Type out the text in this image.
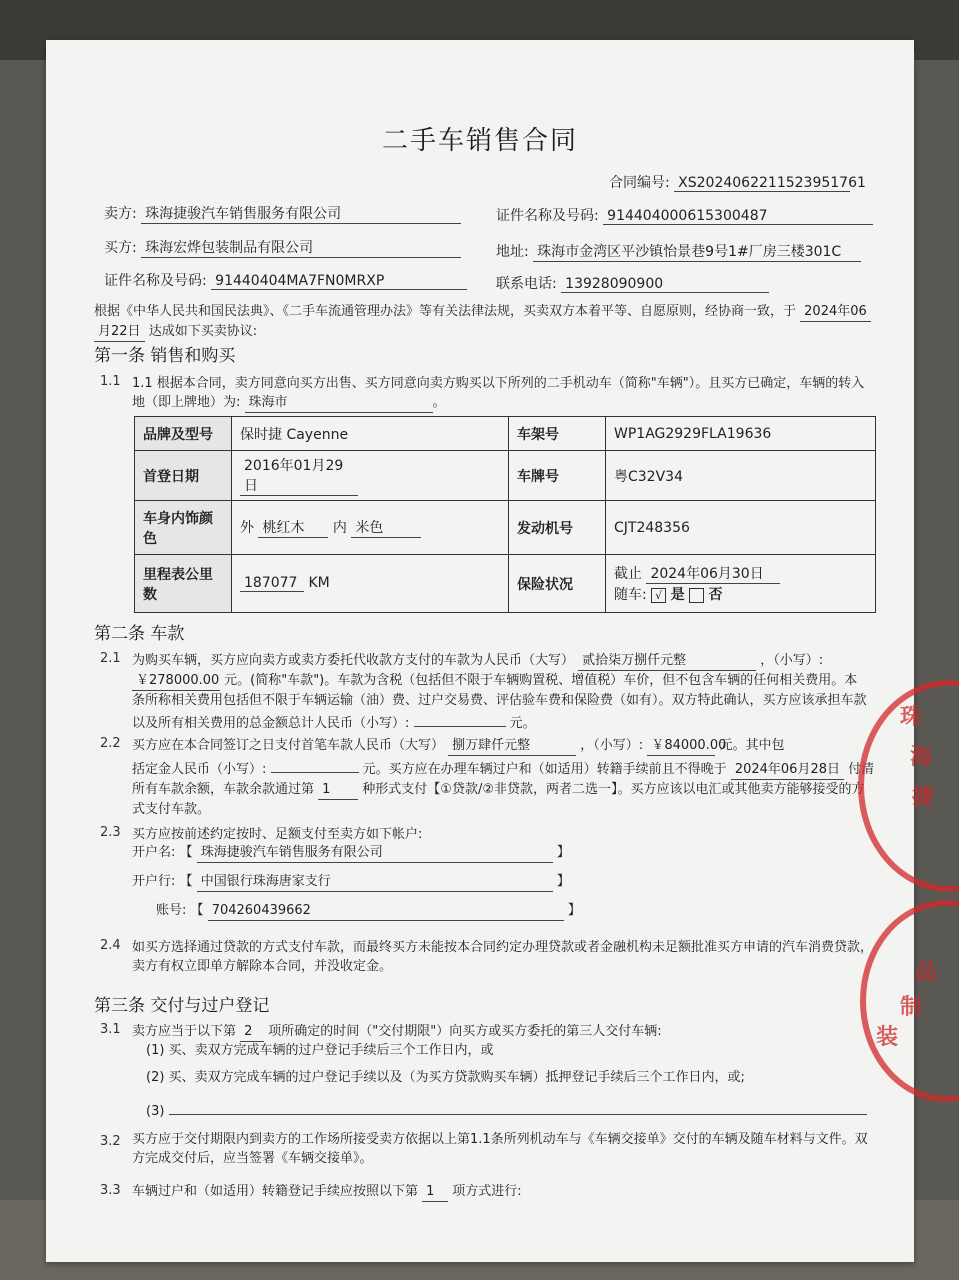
二手车销售合同
合同编号: XS2024062211523951761
卖方: 珠海捷骏汽车销售服务有限公司	证件名称及号码: 914404000615300487
买方: 珠海宏烨包装制品有限公司	地址: 珠海市金湾区平沙镇怡景巷9号1#厂房三楼301C
证件名称及号码: 91440404MA7FN0MRXP	联系电话: 13928090900
根据《中华人民共和国民法典》、《二手车流通管理办法》等有关法律法规，买卖双方本着平等、自愿原则，经协商一致，于 2024年06
月22日 达成如下买卖协议:
第一条 销售和购买
1.1 1.1 根据本合同，卖方同意向买方出售、买方同意向卖方购买以下所列的二手机动车（简称"车辆"）。且买方已确定，车辆的转入
地（即上牌地）为: 珠海市	。
品牌及型号	保时捷 Cayenne	车架号	WP1AG2929FLA19636
首登日期	2016年01月29日	车牌号	粤C32V34
车身内饰颜色	外 桃红木 内 米色	发动机号	CJT248356
里程表公里数	187077 KM	保险状况	截止 2024年06月30日
随车: √ 是 否
第二条 车款
2.1 为购买车辆，买方应向卖方或卖方委托代收款方支付的车款为人民币（大写） 贰拾柒万捌仟元整	，（小写）:
￥278000.00 元。(简称"车款")。车款为含税（包括但不限于车辆购置税、增值税）车价，但不包含车辆的任何相关费用。本
条所称相关费用包括但不限于车辆运输（油）费、过户交易费、评估验车费和保险费（如有）。双方特此确认，买方应该承担车款
以及所有相关费用的总金额总计人民币（小写）:	元。
2.2 买方应在本合同签订之日支付首笔车款人民币（大写） 捌万肆仟元整	，（小写）: ￥84000.00 元。其中包
括定金人民币（小写）:	元。买方应在办理车辆过户和（如适用）转籍手续前且不得晚于 2024年06月28日 付清
所有车款余额，车款余款通过第 1 种形式支付【①贷款/②非贷款，两者二选一】。买方应该以电汇或其他卖方能够接受的方
式支付车款。
2.3 买方应按前述约定按时、足额支付至卖方如下帐户:
开户名: 【 珠海捷骏汽车销售服务有限公司	】
开户行: 【 中国银行珠海唐家支行	】
账号: 【 704260439662	】
2.4 如买方选择通过贷款的方式支付车款，而最终买方未能按本合同约定办理贷款或者金融机构未足额批准买方申请的汽车消费贷款，
卖方有权立即单方解除本合同，并没收定金。
第三条 交付与过户登记
3.1 卖方应当于以下第 2 项所确定的时间（"交付期限"）向买方或买方委托的第三人交付车辆:
(1) 买、卖双方完成车辆的过户登记手续后三个工作日内，或
(2) 买、卖双方完成车辆的过户登记手续以及（为买方贷款购买车辆）抵押登记手续后三个工作日内，或;
(3)
3.2 买方应于交付期限内到卖方的工作场所接受卖方依据以上第1.1条所列机动车与《车辆交接单》交付的车辆及随车材料与文件。双
方完成交付后，应当签署《车辆交接单》。
3.3 车辆过户和（如适用）转籍登记手续应按照以下第 1 项方式进行:
珠
海
捷
装
制
品
